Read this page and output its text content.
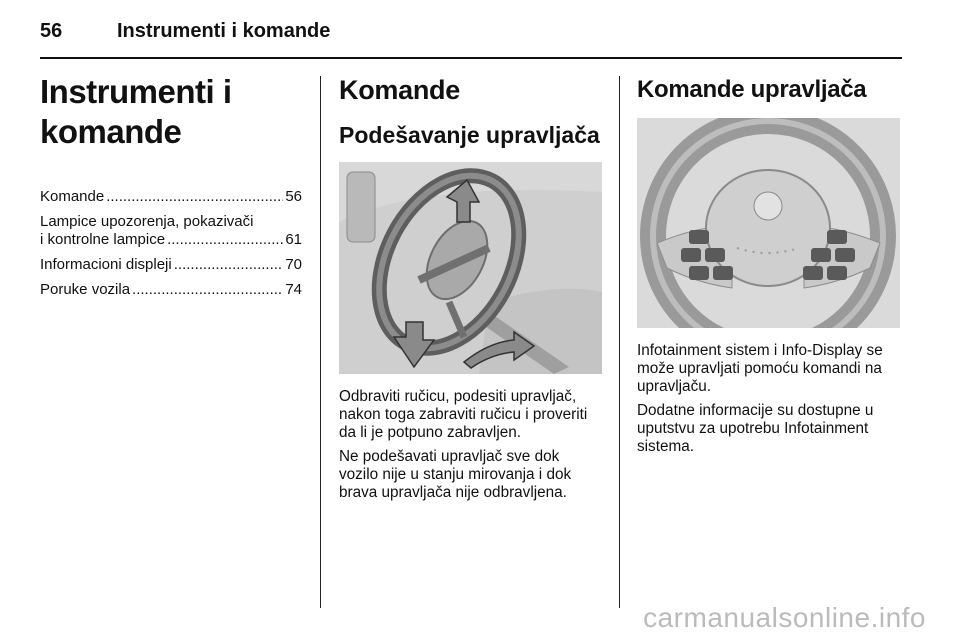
56	Instrumenti i komande
Instrumenti i komande
Komande .....	56
Lampice upozorenja, pokazivači
i kontrolne lampice .....	61
Informacioni displeji .....	70
Poruke vozila .....	74
Komande
Podešavanje upravljača

Odbraviti ručicu, podesiti upravljač, nakon toga zabraviti ručicu i proveriti da li je potpuno zabravljen.

Ne podešavati upravljač sve dok vozilo nije u stanju mirovanja i dok brava upravljača nije odbravljena.

Komande upravljača

Infotainment sistem i Info-Display se može upravljati pomoću komandi na upravljaču.

Dodatne informacije su dostupne u uputstvu za upotrebu Infotainment sistema.

carmanualsonline.info
